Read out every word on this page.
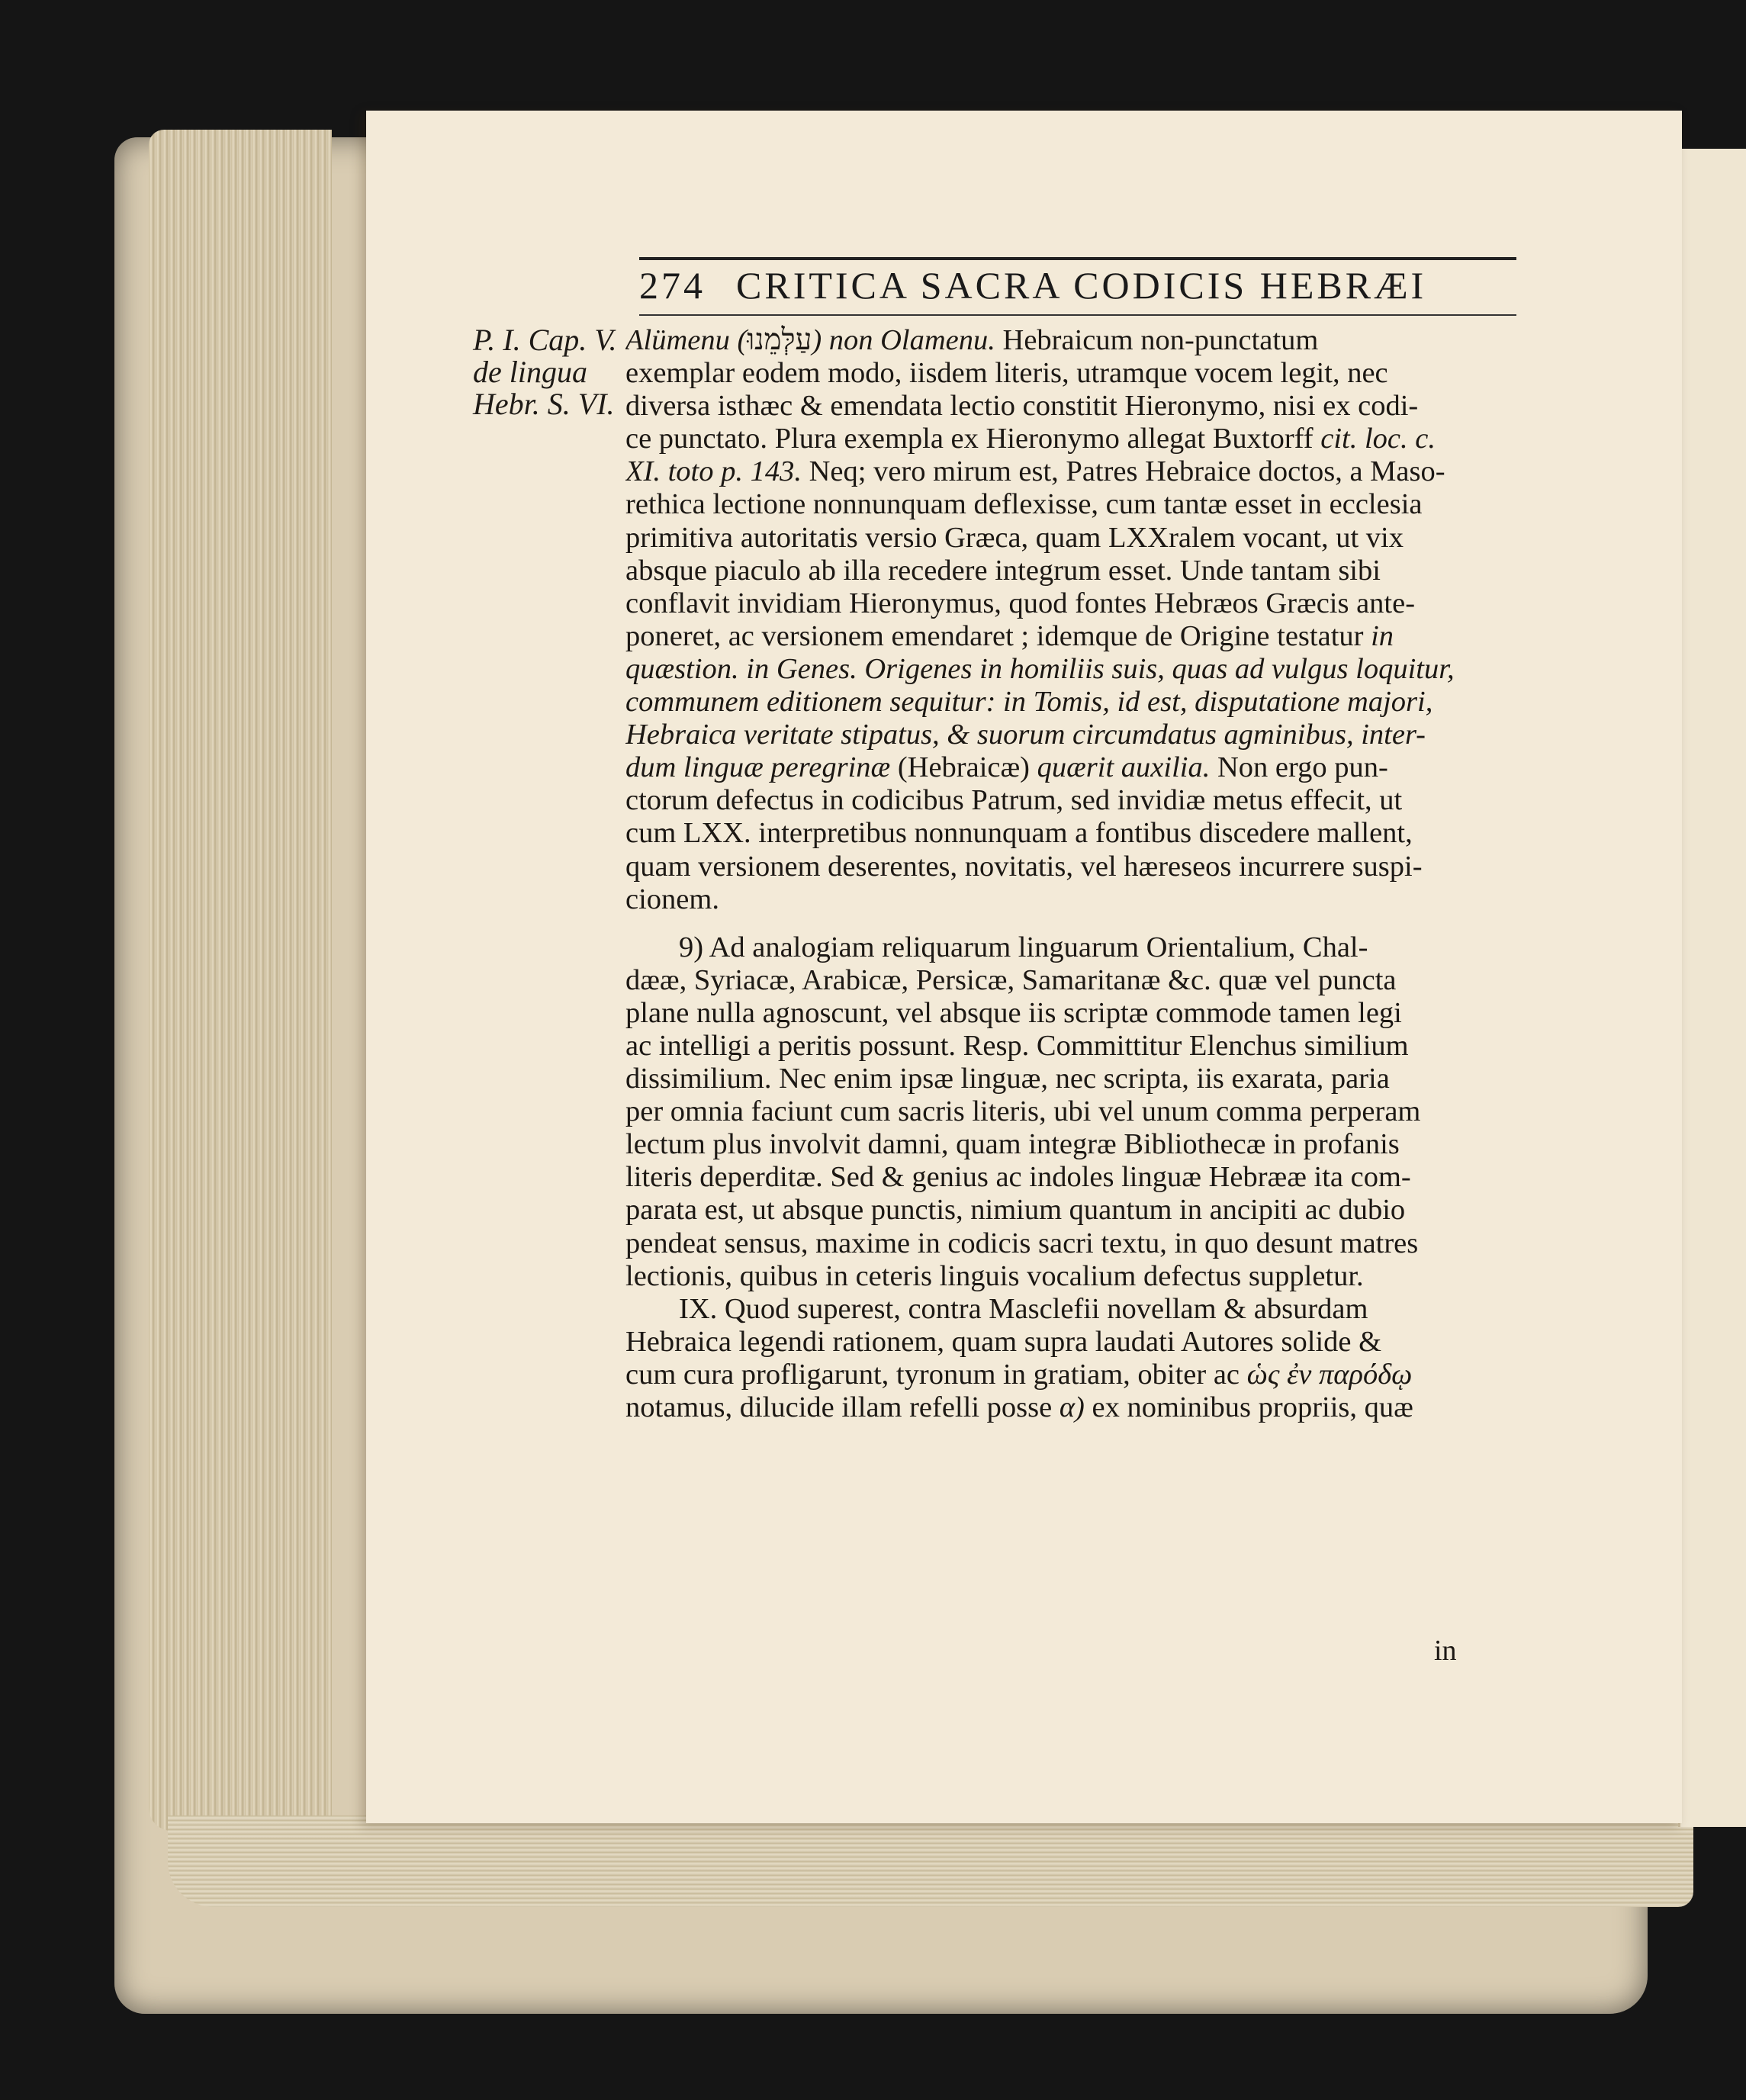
274 CRITICA SACRA CODICIS HEBRÆI
P. I. Cap. V.
de lingua
Hebr. S. VI.

Alümenu (עַלְּמֵנוּ) non Olamenu. Hebraicum non-punctatum
exemplar eodem modo, iisdem literis, utramque vocem legit, nec
diversa isthæc & emendata lectio constitit Hieronymo, nisi ex codi-
ce punctato. Plura exempla ex Hieronymo allegat Buxtorff cit. loc. c.
XI. toto p. 143. Neq; vero mirum est, Patres Hebraice doctos, a Maso-
rethica lectione nonnunquam deflexisse, cum tantæ esset in ecclesia
primitiva autoritatis versio Græca, quam LXXralem vocant, ut vix
absque piaculo ab illa recedere integrum esset. Unde tantam sibi
conflavit invidiam Hieronymus, quod fontes Hebræos Græcis ante-
poneret, ac versionem emendaret ; idemque de Origine testatur in
quæstion. in Genes. Origenes in homiliis suis, quas ad vulgus loquitur,
communem editionem sequitur: in Tomis, id est, disputatione majori,
Hebraica veritate stipatus, & suorum circumdatus agminibus, inter-
dum linguæ peregrinæ (Hebraicæ) quærit auxilia. Non ergo pun-
ctorum defectus in codicibus Patrum, sed invidiæ metus effecit, ut
cum LXX. interpretibus nonnunquam a fontibus discedere mallent,
quam versionem deserentes, novitatis, vel hæreseos incurrere suspi-
cionem.

9) Ad analogiam reliquarum linguarum Orientalium, Chal-
dææ, Syriacæ, Arabicæ, Persicæ, Samaritanæ &c. quæ vel puncta
plane nulla agnoscunt, vel absque iis scriptæ commode tamen legi
ac intelligi a peritis possunt. Resp. Committitur Elenchus similium
dissimilium. Nec enim ipsæ linguæ, nec scripta, iis exarata, paria
per omnia faciunt cum sacris literis, ubi vel unum comma perperam
lectum plus involvit damni, quam integræ Bibliothecæ in profanis
literis deperditæ. Sed & genius ac indoles linguæ Hebrææ ita com-
parata est, ut absque punctis, nimium quantum in ancipiti ac dubio
pendeat sensus, maxime in codicis sacri textu, in quo desunt matres
lectionis, quibus in ceteris linguis vocalium defectus suppletur.

IX. Quod superest, contra Masclefii novellam & absurdam
Hebraica legendi rationem, quam supra laudati Autores solide &
cum cura profligarunt, tyronum in gratiam, obiter ac ὡς ἐν παρόδῳ
notamus, dilucide illam refelli posse α) ex nominibus propriis, quæ

in
